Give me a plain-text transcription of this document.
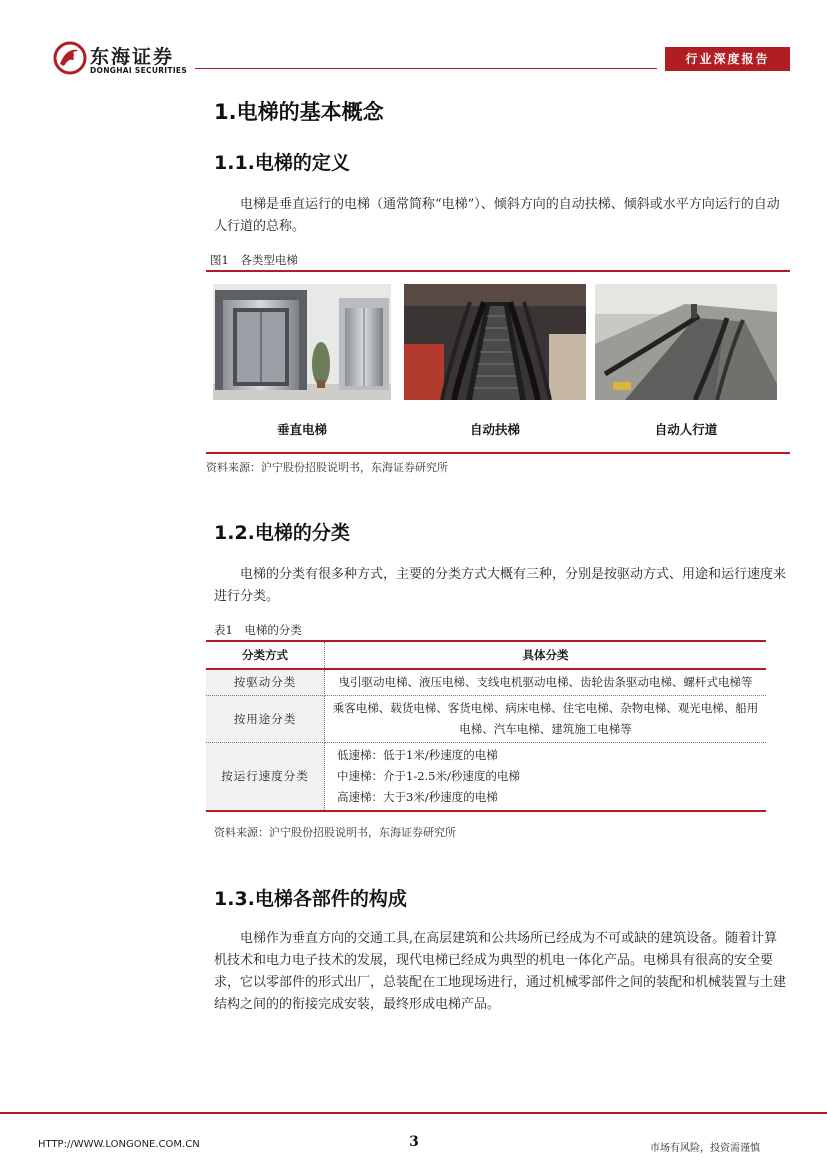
东海证券
DONGHAI SECURITIES
行业深度报告
1.电梯的基本概念
1.1.电梯的定义
电梯是垂直运行的电梯（通常简称“电梯”）、倾斜方向的自动扶梯、倾斜或水平方向运行的自动人行道的总称。
图1　各类型电梯
垂直电梯	自动扶梯	自动人行道
资料来源：沪宁股份招股说明书，东海证券研究所
1.2.电梯的分类
电梯的分类有很多种方式，主要的分类方式大概有三种，分别是按驱动方式、用途和运行速度来进行分类。
表1　电梯的分类
分类方式	具体分类
按驱动分类	曳引驱动电梯、液压电梯、支线电机驱动电梯、齿轮齿条驱动电梯、螺杆式电梯等
按用途分类	乘客电梯、载货电梯、客货电梯、病床电梯、住宅电梯、杂物电梯、观光电梯、船用电梯、汽车电梯、建筑施工电梯等
按运行速度分类	低速梯：低于1米/秒速度的电梯
中速梯：介于1-2.5米/秒速度的电梯
高速梯：大于3米/秒速度的电梯
资料来源：沪宁股份招股说明书，东海证券研究所
1.3.电梯各部件的构成
电梯作为垂直方向的交通工具,在高层建筑和公共场所已经成为不可或缺的建筑设备。随着计算机技术和电力电子技术的发展，现代电梯已经成为典型的机电一体化产品。电梯具有很高的安全要求，它以零部件的形式出厂，总装配在工地现场进行，通过机械零部件之间的装配和机械装置与土建结构之间的的衔接完成安装，最终形成电梯产品。
HTTP://WWW.LONGONE.COM.CN	3	市场有风险，投资需谨慎
